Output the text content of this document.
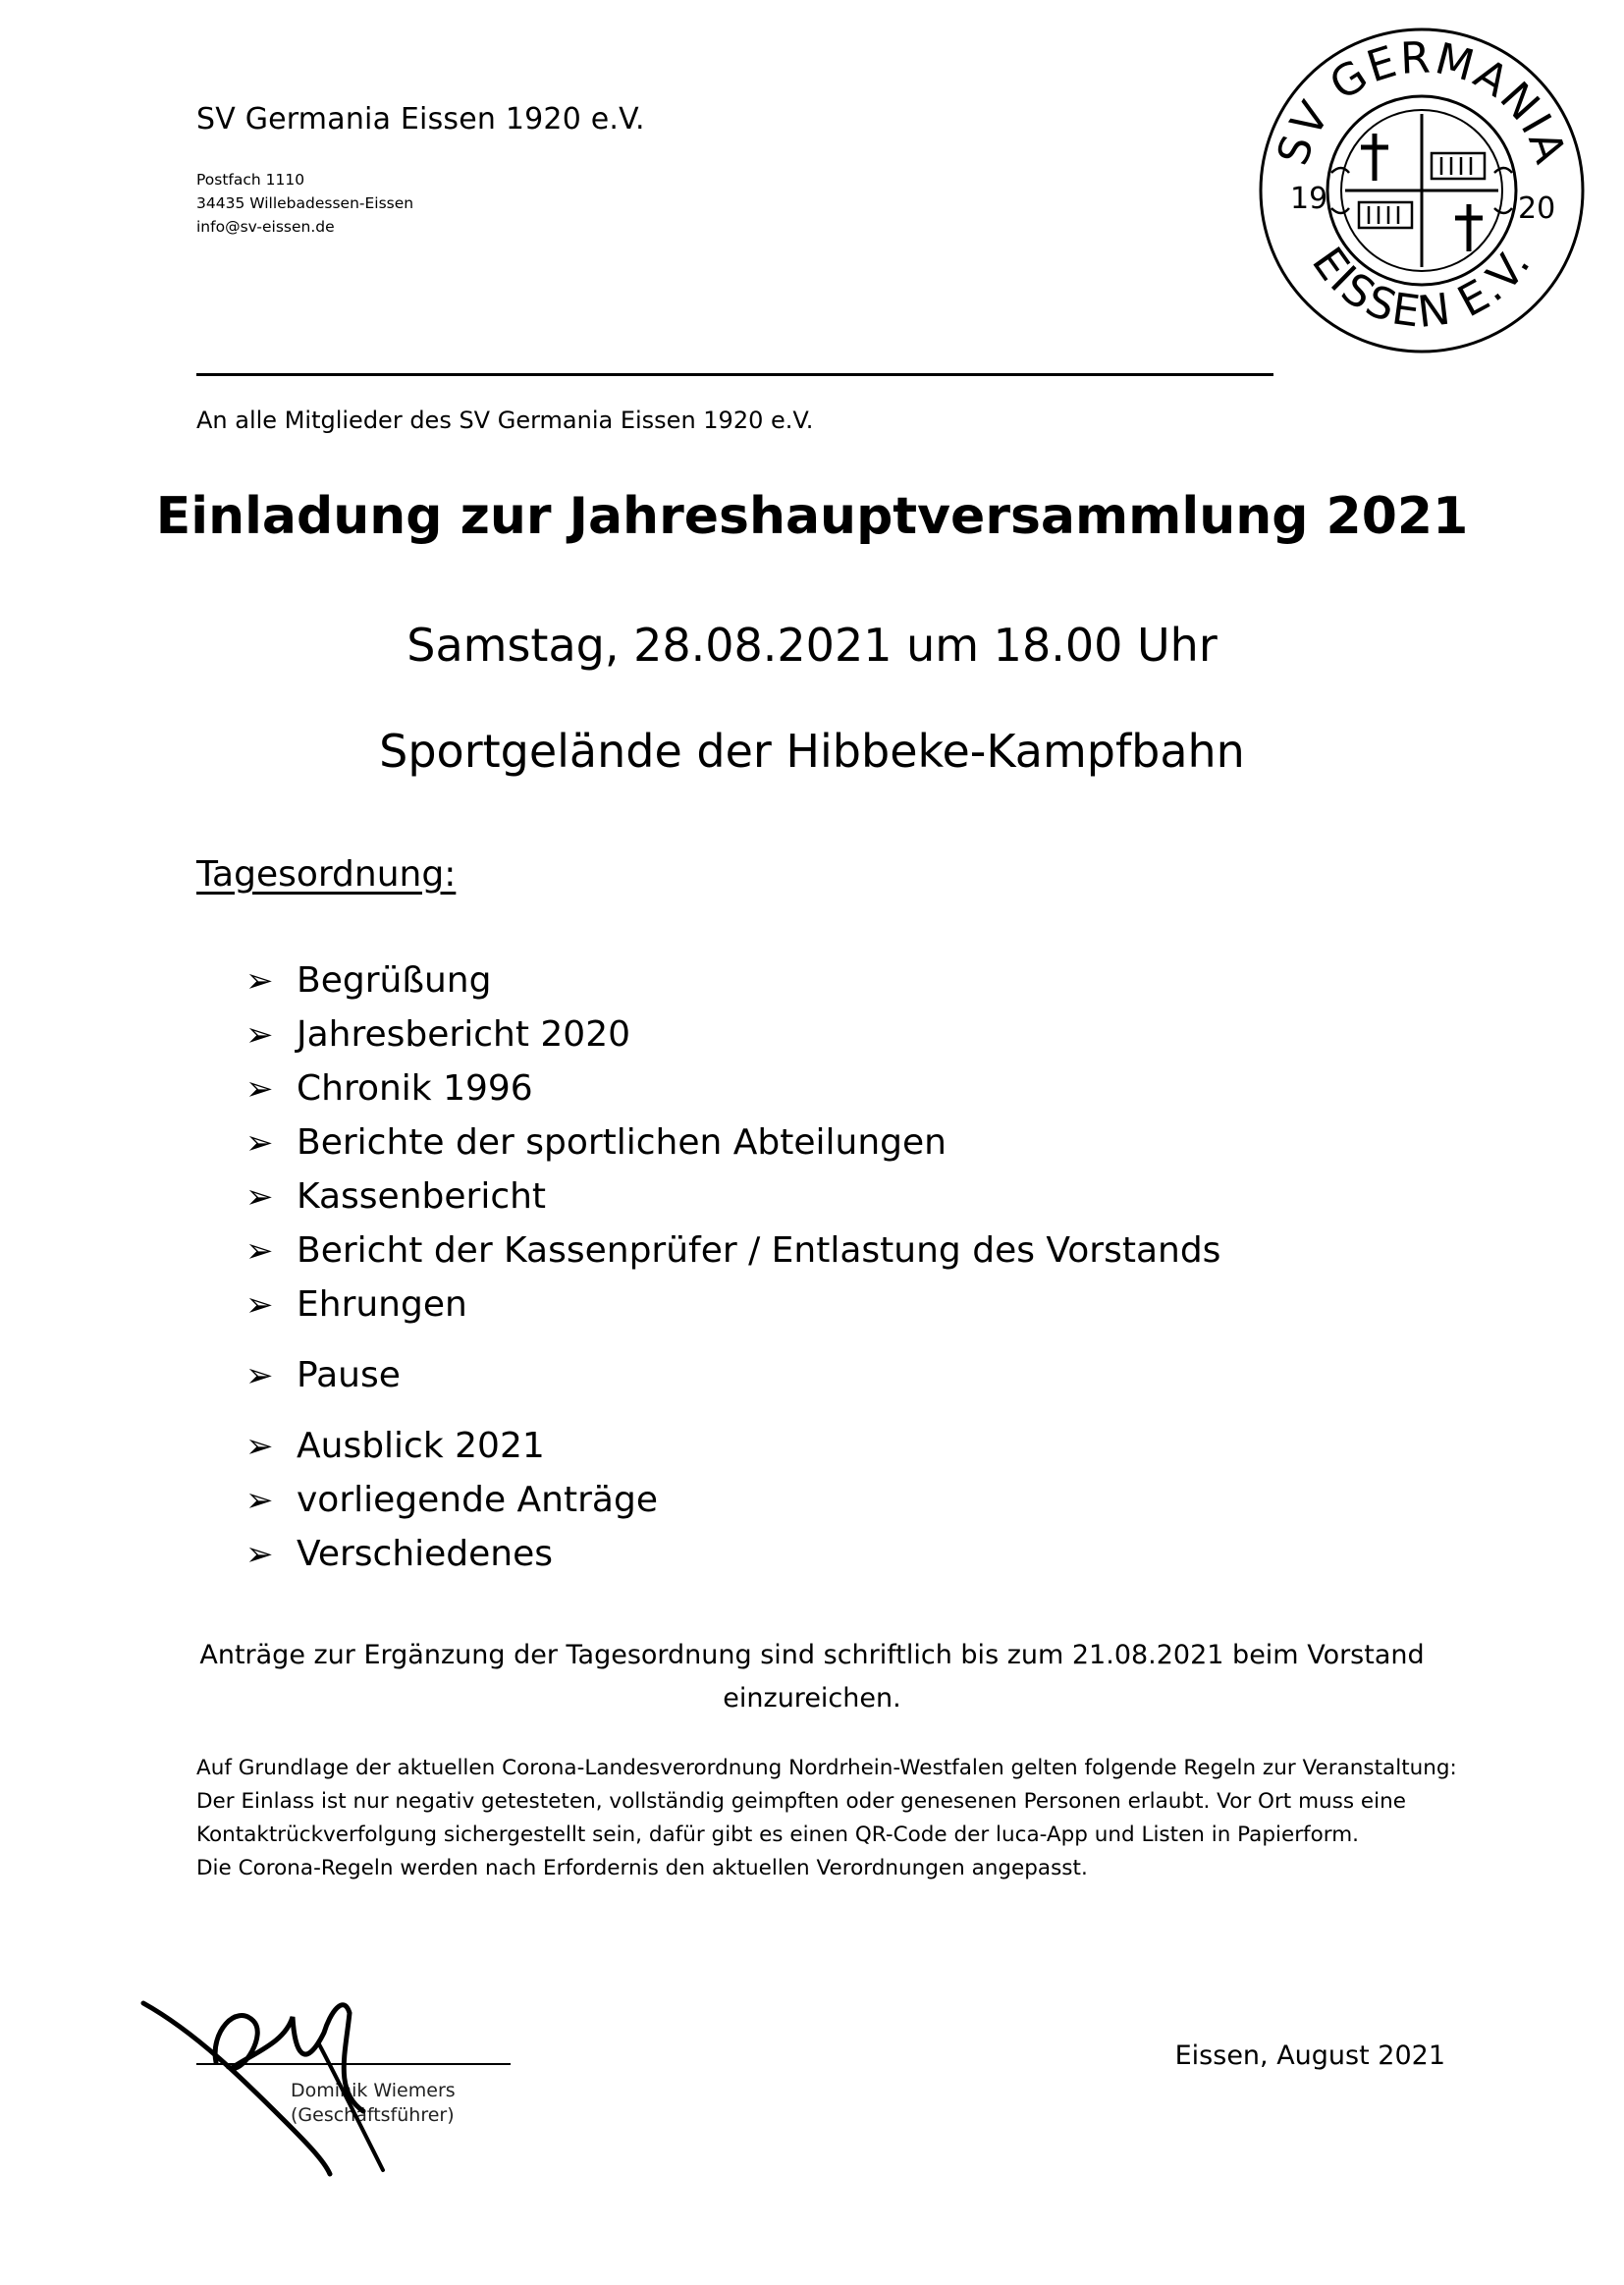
SV Germania Eissen 1920 e.V.
Postfach 1110
34435 Willebadessen-Eissen
info@sv-eissen.de
SV GERMANIA
EISSEN E.V.
19	20
An alle Mitglieder des SV Germania Eissen 1920 e.V.
Einladung zur Jahreshauptversammlung 2021
Samstag, 28.08.2021 um 18.00 Uhr
Sportgelände der Hibbeke-Kampfbahn
Tagesordnung:
➢ Begrüßung
➢ Jahresbericht 2020
➢ Chronik 1996
➢ Berichte der sportlichen Abteilungen
➢ Kassenbericht
➢ Bericht der Kassenprüfer / Entlastung des Vorstands
➢ Ehrungen
➢ Pause
➢ Ausblick 2021
➢ vorliegende Anträge
➢ Verschiedenes
Anträge zur Ergänzung der Tagesordnung sind schriftlich bis zum 21.08.2021 beim Vorstand einzureichen.

Auf Grundlage der aktuellen Corona-Landesverordnung Nordrhein-Westfalen gelten folgende Regeln zur Veranstaltung:

Der Einlass ist nur negativ getesteten, vollständig geimpften oder genesenen Personen erlaubt. Vor Ort muss eine Kontaktrückverfolgung sichergestellt sein, dafür gibt es einen QR-Code der luca-App und Listen in Papierform.

Die Corona-Regeln werden nach Erfordernis den aktuellen Verordnungen angepasst.

Dominik Wiemers
(Geschäftsführer)
Eissen, August 2021
